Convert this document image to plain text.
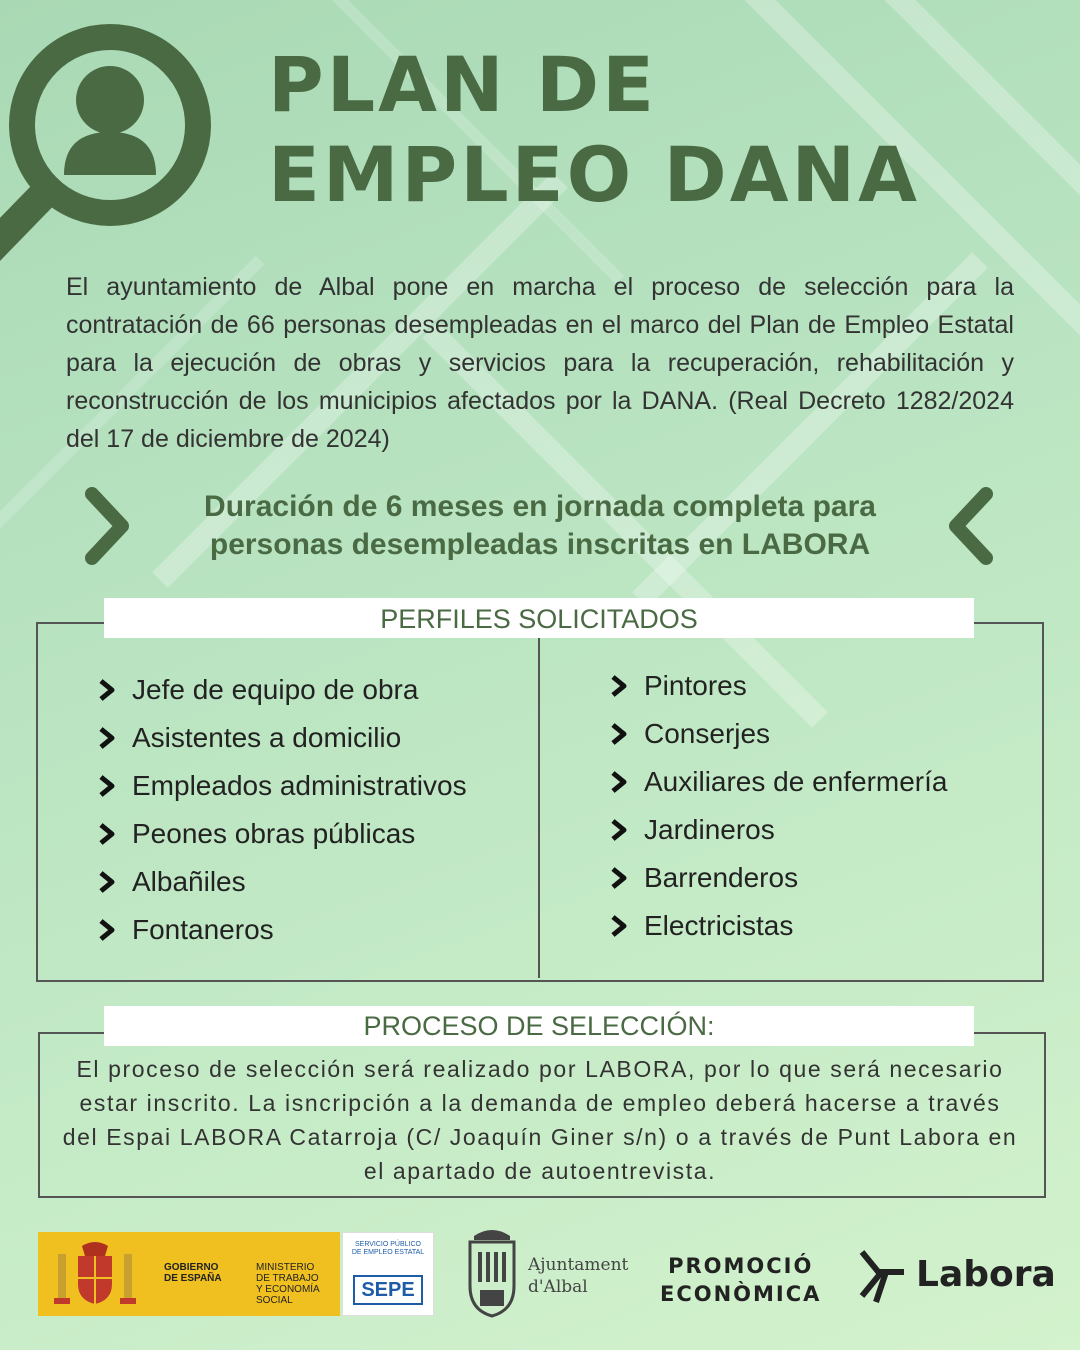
PLAN DE
EMPLEO DANA

El ayuntamiento de Albal pone en marcha el proceso de selección para la contratación de 66 personas desempleadas en el marco del Plan de Empleo Estatal para la ejecución de obras y servicios para la recuperación, rehabilitación y reconstrucción de los municipios afectados por la DANA. (Real Decreto 1282/2024 del 17 de diciembre de 2024)

Duración de 6 meses en jornada completa para
personas desempleadas inscritas en LABORA
PERFILES SOLICITADOS
Jefe de equipo de obra
Asistentes a domicilio
Empleados administrativos
Peones obras públicas
Albañiles
Fontaneros
Pintores
Conserjes
Auxiliares de enfermería
Jardineros
Barrenderos
Electricistas
PROCESO DE SELECCIÓN:

El proceso de selección será realizado por LABORA, por lo que será necesario estar inscrito. La isncripción a la demanda de empleo deberá hacerse a través del Espai LABORA Catarroja (C/ Joaquín Giner s/n) o a través de Punt Labora en el apartado de autoentrevista.

GOBIERNO
DE ESPAÑA
MINISTERIO
DE TRABAJO
Y ECONOMÍA SOCIAL
SERVICIO PÚBLICO
DE EMPLEO ESTATAL
SEPE
Ajuntament
d'Albal
PROMOCIÓ
ECONÒMICA	Labora
